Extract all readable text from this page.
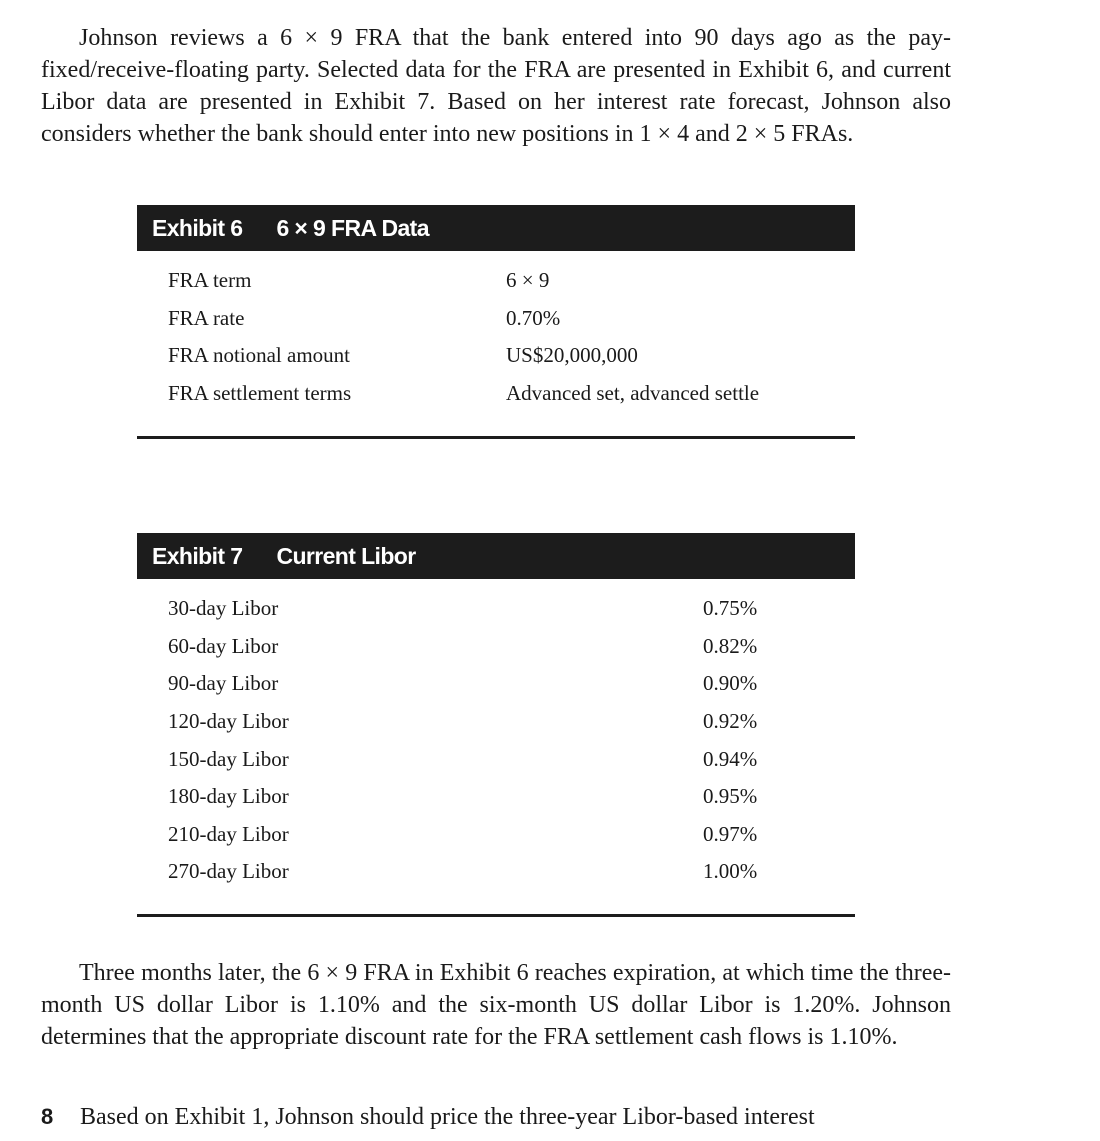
Johnson reviews a 6 × 9 FRA that the bank entered into 90 days ago as the pay-fixed/receive-floating party. Selected data for the FRA are presented in Exhibit 6, and current Libor data are presented in Exhibit 7. Based on her interest rate forecast, Johnson also considers whether the bank should enter into new positions in 1 × 4 and 2 × 5 FRAs.

Exhibit 6 6 × 9 FRA Data
FRA term	6 × 9
FRA rate	0.70%
FRA notional amount	US$20,000,000
FRA settlement terms	Advanced set, advanced settle
Exhibit 7 Current Libor
30-day Libor	0.75%
60-day Libor	0.82%
90-day Libor	0.90%
120-day Libor	0.92%
150-day Libor	0.94%
180-day Libor	0.95%
210-day Libor	0.97%
270-day Libor	1.00%

Three months later, the 6 × 9 FRA in Exhibit 6 reaches expiration, at which time the three-month US dollar Libor is 1.10% and the six-month US dollar Libor is 1.20%. Johnson determines that the appropriate discount rate for the FRA settlement cash flows is 1.10%.

8 Based on Exhibit 1, Johnson should price the three-year Libor-based interest
